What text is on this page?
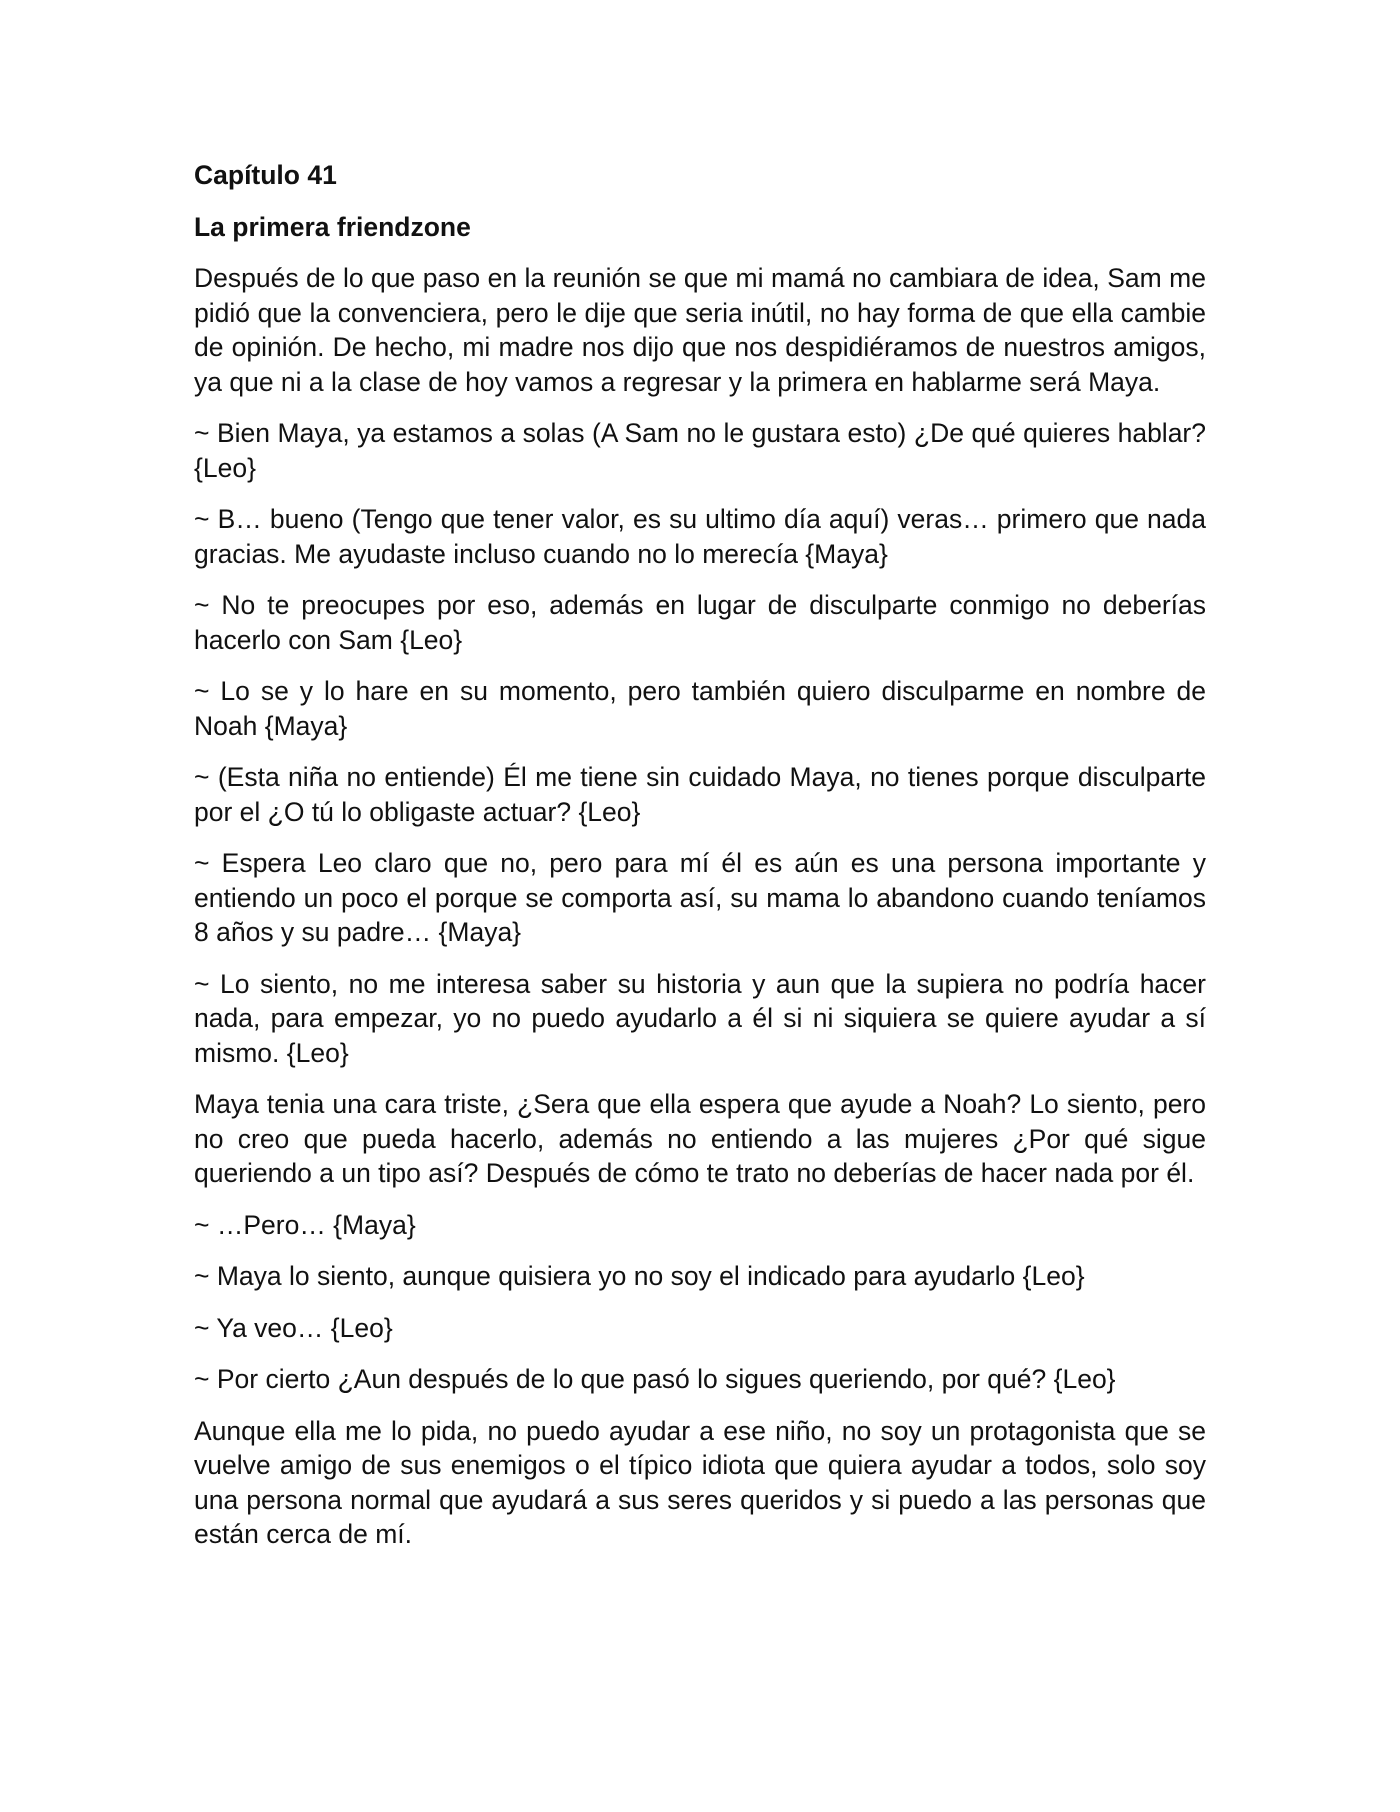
Capítulo 41
La primera friendzone
Después de lo que paso en la reunión se que mi mamá no cambiara de idea, Sam me pidió que la convenciera, pero le dije que seria inútil, no hay forma de que ella cambie de opinión. De hecho, mi madre nos dijo que nos despidiéramos de nuestros amigos, ya que ni a la clase de hoy vamos a regresar y la primera en hablarme será Maya.
~ Bien Maya, ya estamos a solas (A Sam no le gustara esto) ¿De qué quieres hablar? {Leo}
~ B… bueno (Tengo que tener valor, es su ultimo día aquí) veras… primero que nada gracias. Me ayudaste incluso cuando no lo merecía {Maya}
~ No te preocupes por eso, además en lugar de disculparte conmigo no deberías hacerlo con Sam {Leo}
~ Lo se y lo hare en su momento, pero también quiero disculparme en nombre de Noah {Maya}
~ (Esta niña no entiende) Él me tiene sin cuidado Maya, no tienes porque disculparte por el ¿O tú lo obligaste actuar? {Leo}
~ Espera Leo claro que no, pero para mí él es aún es una persona importante y entiendo un poco el porque se comporta así, su mama lo abandono cuando teníamos 8 años y su padre… {Maya}
~ Lo siento, no me interesa saber su historia y aun que la supiera no podría hacer nada, para empezar, yo no puedo ayudarlo a él si ni siquiera se quiere ayudar a sí mismo. {Leo}
Maya tenia una cara triste, ¿Sera que ella espera que ayude a Noah? Lo siento, pero no creo que pueda hacerlo, además no entiendo a las mujeres ¿Por qué sigue queriendo a un tipo así? Después de cómo te trato no deberías de hacer nada por él.
~ …Pero… {Maya}
~ Maya lo siento, aunque quisiera yo no soy el indicado para ayudarlo {Leo}
~ Ya veo… {Leo}
~ Por cierto ¿Aun después de lo que pasó lo sigues queriendo, por qué? {Leo}
Aunque ella me lo pida, no puedo ayudar a ese niño, no soy un protagonista que se vuelve amigo de sus enemigos o el típico idiota que quiera ayudar a todos, solo soy una persona normal que ayudará a sus seres queridos y si puedo a las personas que están cerca de mí.
